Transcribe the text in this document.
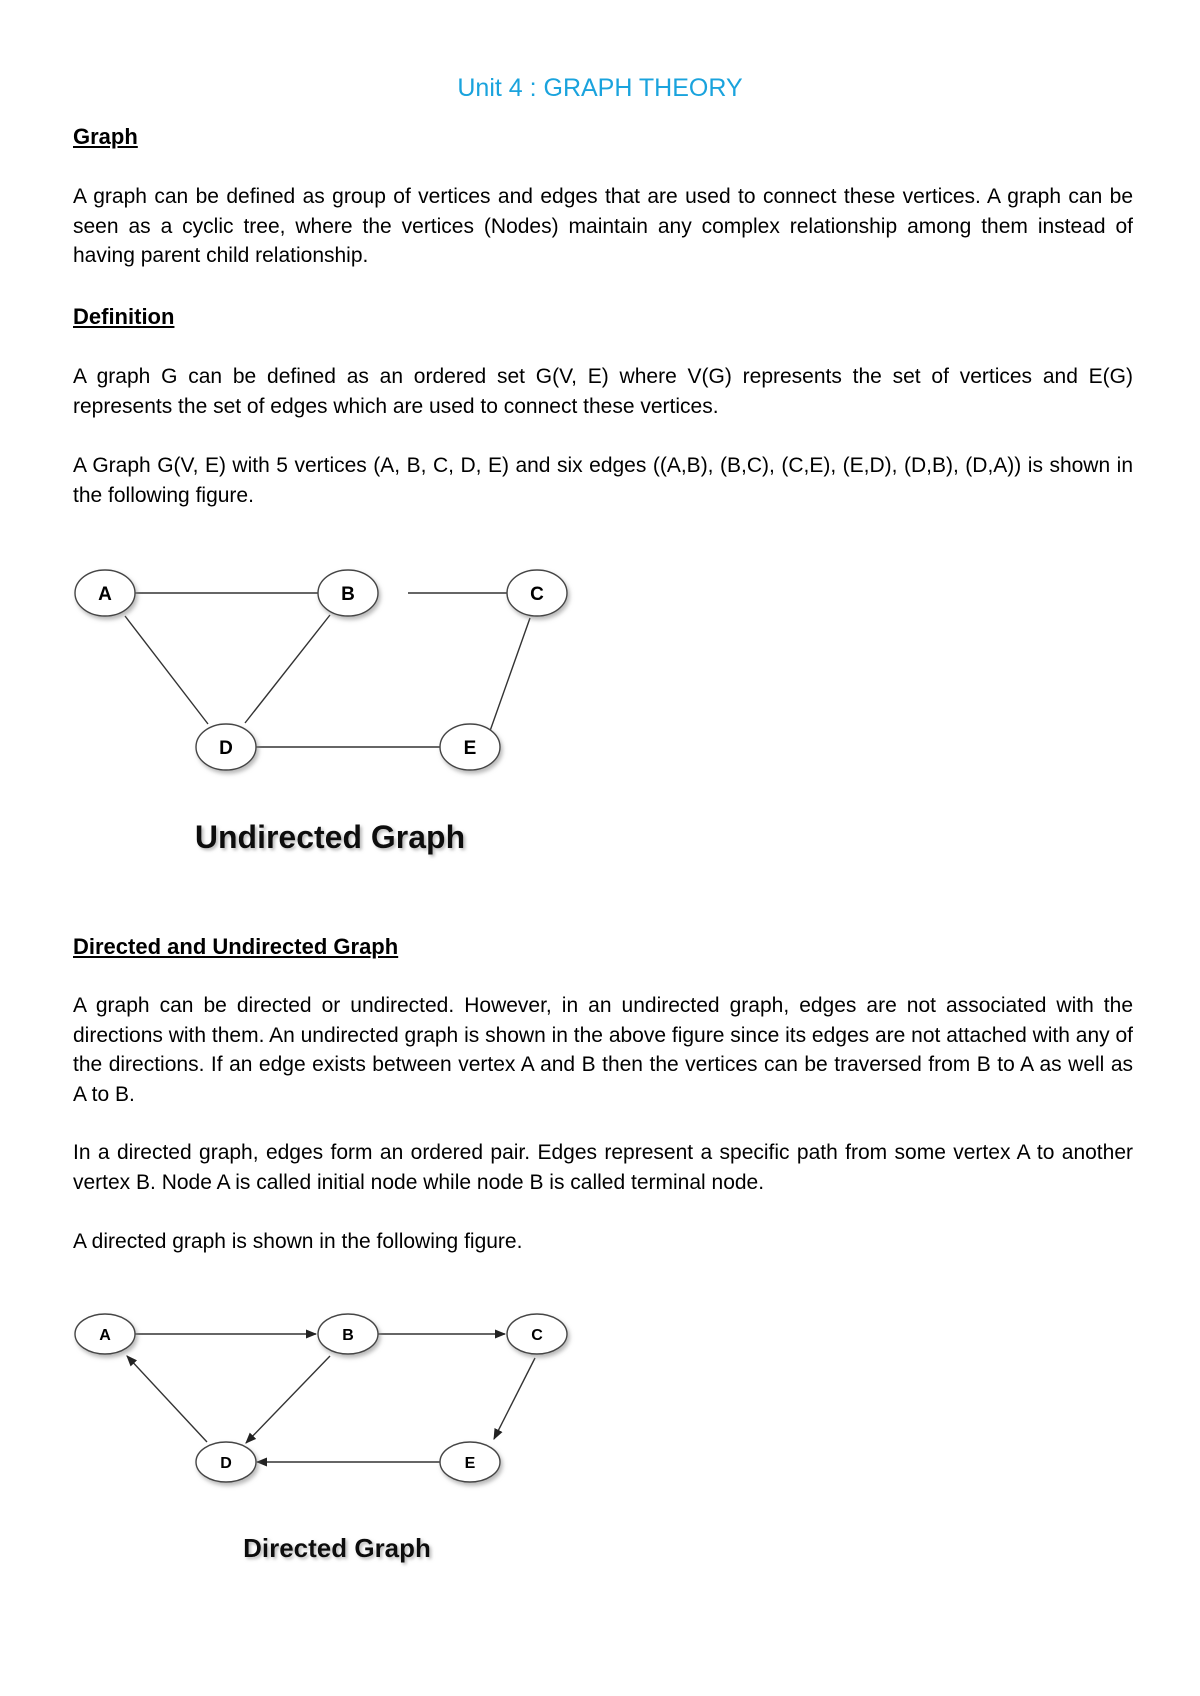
Unit 4 : GRAPH THEORY
Graph

A graph can be defined as group of vertices and edges that are used to connect these vertices. A graph can be seen as a cyclic tree, where the vertices (Nodes) maintain any complex relationship among them instead of having parent child relationship.

Definition

A graph G can be defined as an ordered set G(V, E) where V(G) represents the set of vertices and E(G) represents the set of edges which are used to connect these vertices.

A Graph G(V, E) with 5 vertices (A, B, C, D, E) and six edges ((A,B), (B,C), (C,E), (E,D), (D,B), (D,A)) is shown in the following figure.

A	B	C
D	E
Undirected Graph
Directed and Undirected Graph

A graph can be directed or undirected. However, in an undirected graph, edges are not associated with the directions with them. An undirected graph is shown in the above figure since its edges are not attached with any of the directions. If an edge exists between vertex A and B then the vertices can be traversed from B to A as well as A to B.

In a directed graph, edges form an ordered pair. Edges represent a specific path from some vertex A to another vertex B. Node A is called initial node while node B is called terminal node.

A directed graph is shown in the following figure.

A	B	C
D	E
Directed Graph
